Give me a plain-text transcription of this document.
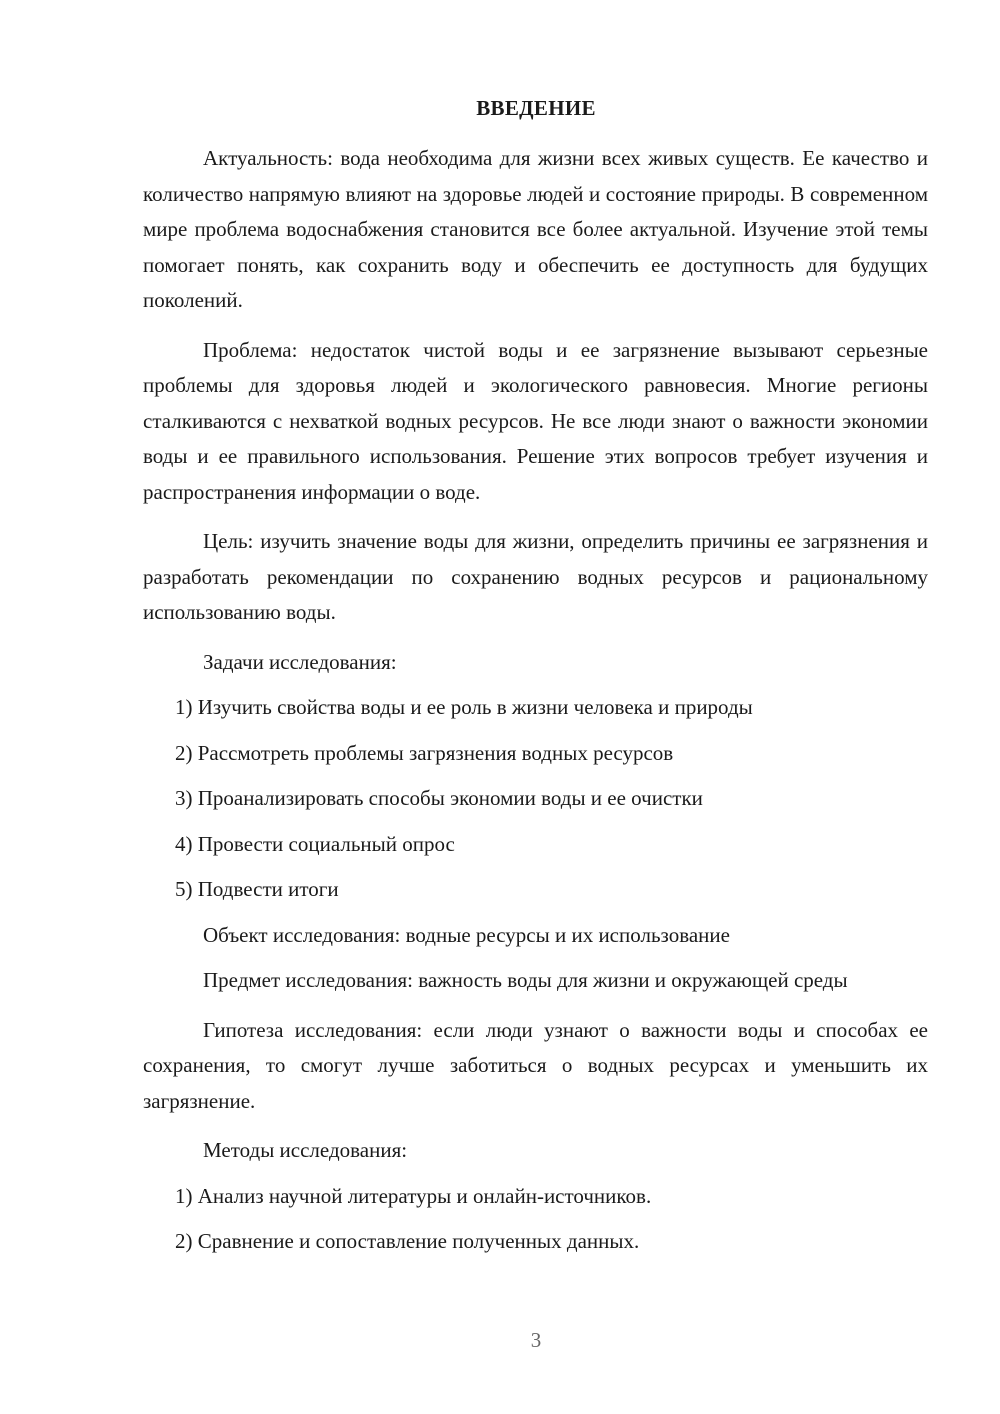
ВВЕДЕНИЕ

Актуальность: вода необходима для жизни всех живых существ. Ее качество и количество напрямую влияют на здоровье людей и состояние природы. В современном мире проблема водоснабжения становится все более актуальной. Изучение этой темы помогает понять, как сохранить воду и обеспечить ее доступность для будущих поколений.

Проблема: недостаток чистой воды и ее загрязнение вызывают серьезные проблемы для здоровья людей и экологического равновесия. Многие регионы сталкиваются с нехваткой водных ресурсов. Не все люди знают о важности экономии воды и ее правильного использования. Решение этих вопросов требует изучения и распространения информации о воде.

Цель: изучить значение воды для жизни, определить причины ее загрязнения и разработать рекомендации по сохранению водных ресурсов и рациональному использованию воды.

Задачи исследования:

1) Изучить свойства воды и ее роль в жизни человека и природы

2) Рассмотреть проблемы загрязнения водных ресурсов

3) Проанализировать способы экономии воды и ее очистки

4) Провести социальный опрос

5) Подвести итоги

Объект исследования: водные ресурсы и их использование

Предмет исследования: важность воды для жизни и окружающей среды

Гипотеза исследования: если люди узнают о важности воды и способах ее сохранения, то смогут лучше заботиться о водных ресурсах и уменьшить их загрязнение.

Методы исследования:

1) Анализ научной литературы и онлайн-источников.

2) Сравнение и сопоставление полученных данных.

3
